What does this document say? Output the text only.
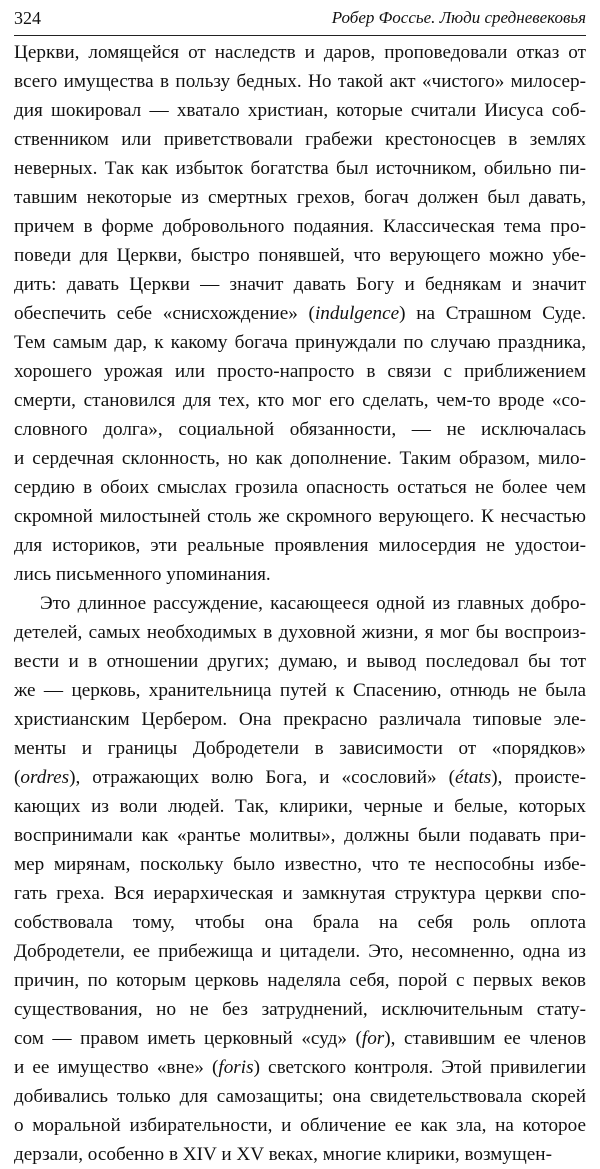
324	Робер Фоссье. Люди средневековья
Церкви, ломящейся от наследств и даров, проповедовали отказ от
всего имущества в пользу бедных. Но такой акт «чистого» милосер-
дия шокировал — хватало христиан, которые считали Иисуса соб-
ственником или приветствовали грабежи крестоносцев в землях
неверных. Так как избыток богатства был источником, обильно пи-
тавшим некоторые из смертных грехов, богач должен был давать,
причем в форме добровольного подаяния. Классическая тема про-
поведи для Церкви, быстро понявшей, что верующего можно убе-
дить: давать Церкви — значит давать Богу и беднякам и значит
обеспечить себе «снисхождение» (indulgence) на Страшном Суде.
Тем самым дар, к какому богача принуждали по случаю праздника,
хорошего урожая или просто-напросто в связи с приближением
смерти, становился для тех, кто мог его сделать, чем-то вроде «со-
словного долга», социальной обязанности, — не исключалась
и сердечная склонность, но как дополнение. Таким образом, мило-
сердию в обоих смыслах грозила опасность остаться не более чем
скромной милостыней столь же скромного верующего. К несчастью
для историков, эти реальные проявления милосердия не удостои-
лись письменного упоминания.
Это длинное рассуждение, касающееся одной из главных добро-
детелей, самых необходимых в духовной жизни, я мог бы воспроиз-
вести и в отношении других; думаю, и вывод последовал бы тот
же — церковь, хранительница путей к Спасению, отнюдь не была
христианским Цербером. Она прекрасно различала типовые эле-
менты и границы Добродетели в зависимости от «порядков»
(ordres), отражающих волю Бога, и «сословий» (états), происте-
кающих из воли людей. Так, клирики, черные и белые, которых
воспринимали как «рантье молитвы», должны были подавать при-
мер мирянам, поскольку было известно, что те неспособны избе-
гать греха. Вся иерархическая и замкнутая структура церкви спо-
собствовала тому, чтобы она брала на себя роль оплота
Добродетели, ее прибежища и цитадели. Это, несомненно, одна из
причин, по которым церковь наделяла себя, порой с первых веков
существования, но не без затруднений, исключительным стату-
сом — правом иметь церковный «суд» (for), ставившим ее членов
и ее имущество «вне» (foris) светского контроля. Этой привилегии
добивались только для самозащиты; она свидетельствовала скорей
о моральной избирательности, и обличение ее как зла, на которое
дерзали, особенно в XIV и XV веках, многие клирики, возмущен-
